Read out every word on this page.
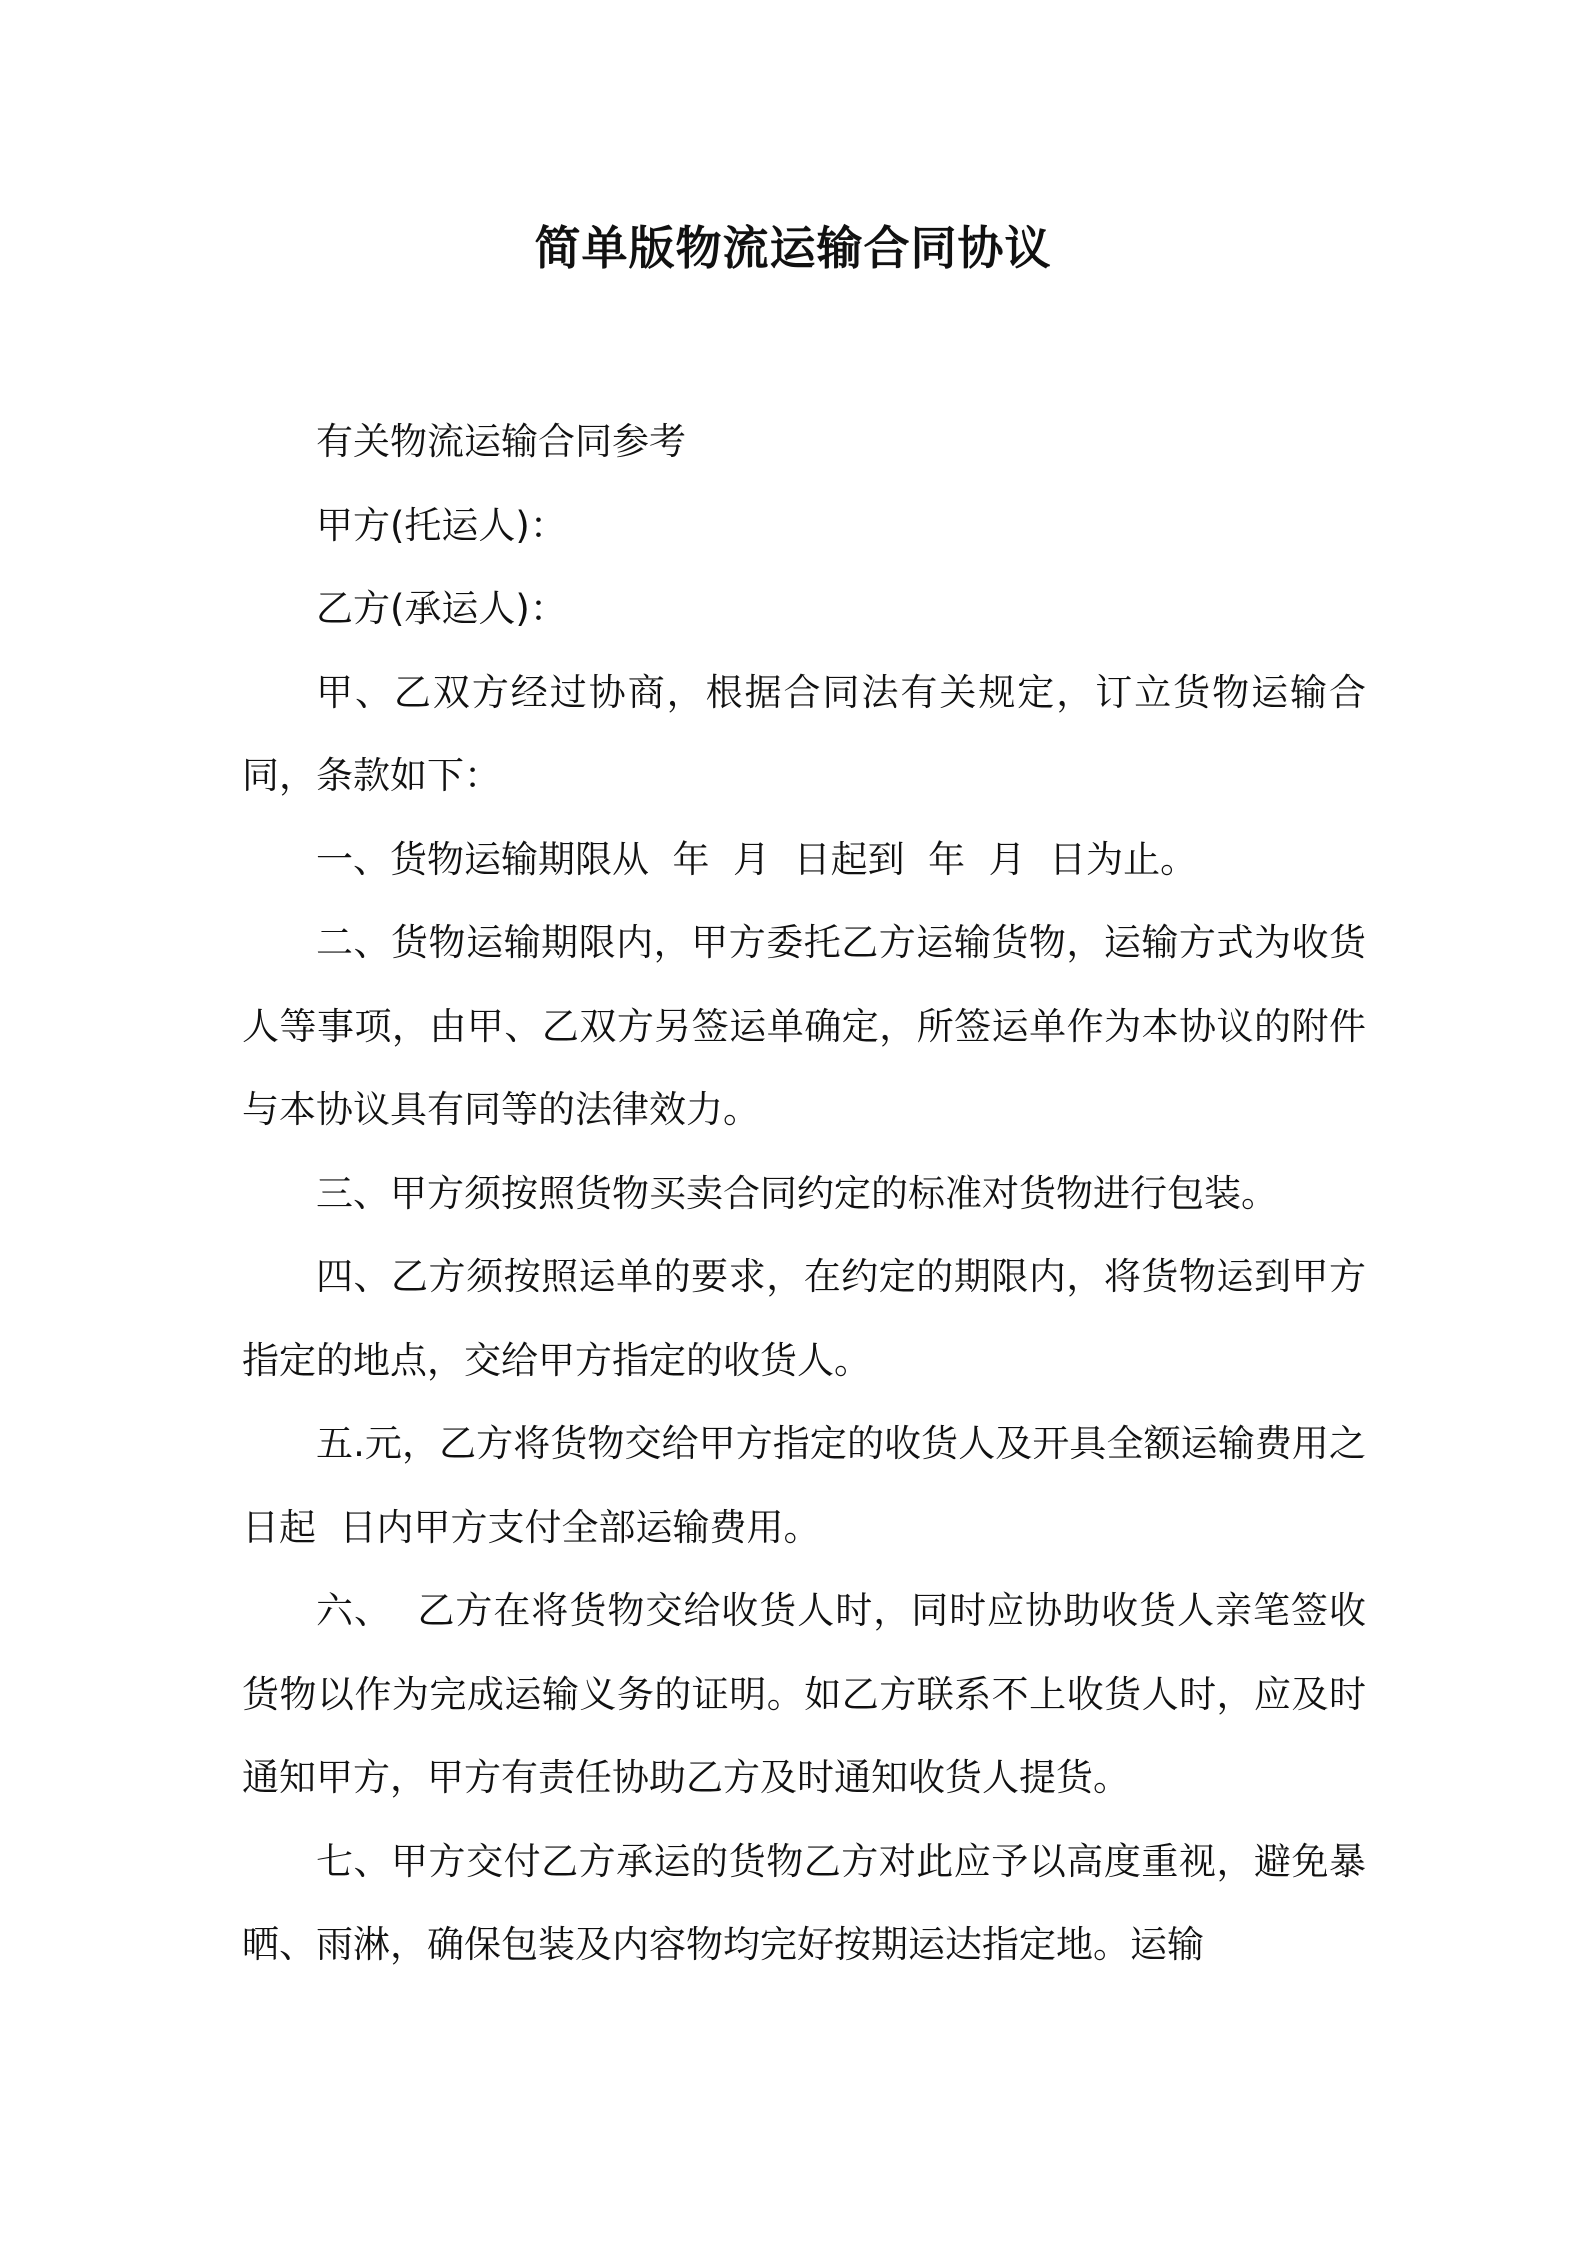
简单版物流运输合同协议

有关物流运输合同参考

甲方(托运人)：

乙方(承运人)：

甲、乙双方经过协商，根据合同法有关规定，订立货物运输合同，条款如下：

一、货物运输期限从  年  月  日起到  年  月  日为止。

二、货物运输期限内，甲方委托乙方运输货物，运输方式为收货人等事项，由甲、乙双方另签运单确定，所签运单作为本协议的附件与本协议具有同等的法律效力。

三、甲方须按照货物买卖合同约定的标准对货物进行包装。

四、乙方须按照运单的要求，在约定的期限内，将货物运到甲方指定的地点，交给甲方指定的收货人。

五.元，乙方将货物交给甲方指定的收货人及开具全额运输费用之日起  日内甲方支付全部运输费用。

六、  乙方在将货物交给收货人时，同时应协助收货人亲笔签收货物以作为完成运输义务的证明。如乙方联系不上收货人时，应及时通知甲方，甲方有责任协助乙方及时通知收货人提货。

七、甲方交付乙方承运的货物乙方对此应予以高度重视，避免暴晒、雨淋，确保包装及内容物均完好按期运达指定地。运输
